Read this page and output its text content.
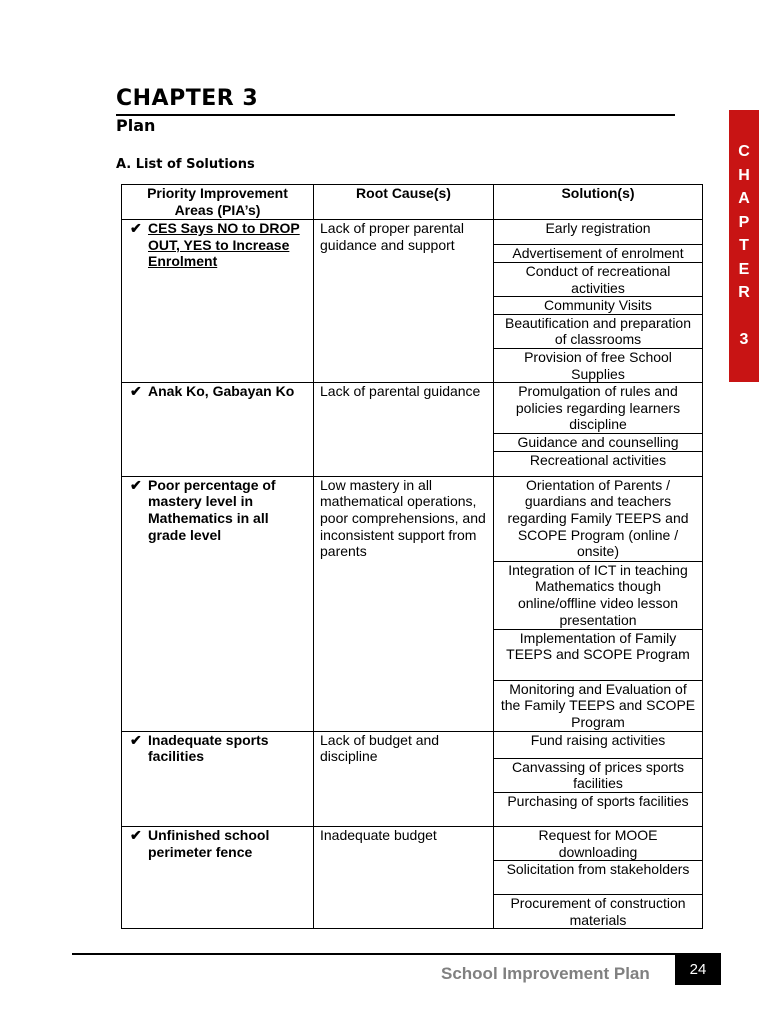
CHAPTER 3
Plan
A. List of Solutions
C
H
A
P
T
E
R
3
Priority Improvement Areas (PIA’s)	Root Cause(s)	Solution(s)

✔ CES Says NO to DROP OUT, YES to Increase Enrolment	Lack of proper parental guidance and support	Early registration
		Advertisement of enrolment
		Conduct of recreational activities
		Community Visits
		Beautification and preparation of classrooms
		Provision of free School Supplies

✔ Anak Ko, Gabayan Ko	Lack of parental guidance	Promulgation of rules and policies regarding learners discipline
		Guidance and counselling
		Recreational activities

✔ Poor percentage of mastery level in Mathematics in all grade level	Low mastery in all mathematical operations, poor comprehensions, and inconsistent support from parents	Orientation of Parents / guardians and teachers regarding Family TEEPS and SCOPE Program (online / onsite)
		Integration of ICT in teaching Mathematics though online/offline video lesson presentation
		Implementation of Family TEEPS and SCOPE Program
		Monitoring and Evaluation of the Family TEEPS and SCOPE Program

✔ Inadequate sports facilities	Lack of budget and discipline	Fund raising activities
		Canvassing of prices sports facilities
		Purchasing of sports facilities

✔ Unfinished school perimeter fence	Inadequate budget	Request for MOOE downloading
		Solicitation from stakeholders
		Procurement of construction materials
School Improvement Plan	24
